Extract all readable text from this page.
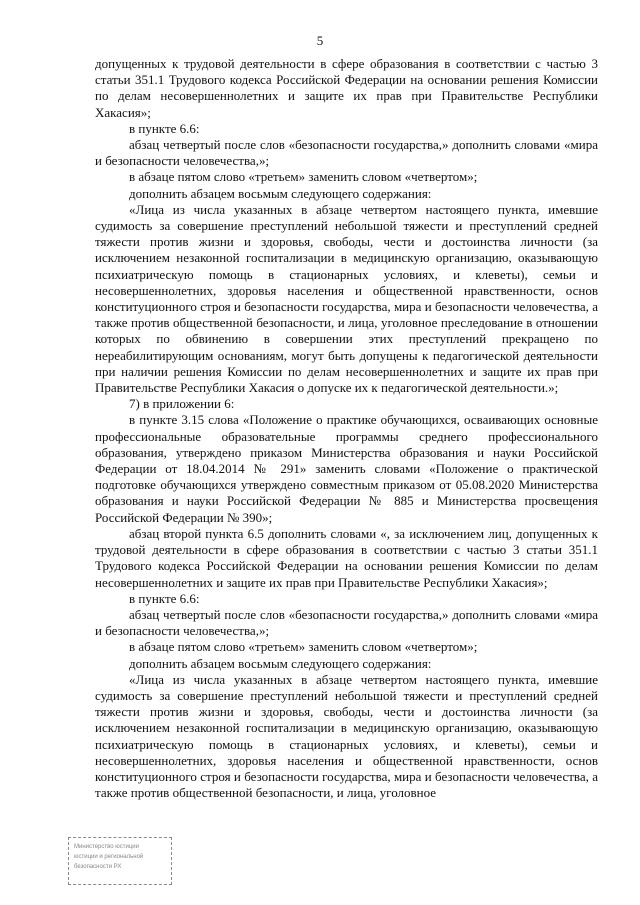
5

допущенных к трудовой деятельности в сфере образования в соответствии с частью 3 статьи 351.1 Трудового кодекса Российской Федерации на основании решения Комиссии по делам несовершеннолетних и защите их прав при Правительстве Республики Хакасия»;

в пункте 6.6:

абзац четвертый после слов «безопасности государства,» дополнить словами «мира и безопасности человечества,»;

в абзаце пятом слово «третьем» заменить словом «четвертом»;

дополнить абзацем восьмым следующего содержания:

«Лица из числа указанных в абзаце четвертом настоящего пункта, имевшие судимость за совершение преступлений небольшой тяжести и преступлений средней тяжести против жизни и здоровья, свободы, чести и достоинства личности (за исключением незаконной госпитализации в медицинскую организацию, оказывающую психиатрическую помощь в стационарных условиях, и клеветы), семьи и несовершеннолетних, здоровья населения и общественной нравственности, основ конституционного строя и безопасности государства, мира и безопасности человечества, а также против общественной безопасности, и лица, уголовное преследование в отношении которых по обвинению в совершении этих преступлений прекращено по нереабилитирующим основаниям, могут быть допущены к педагогической деятельности при наличии решения Комиссии по делам несовершеннолетних и защите их прав при Правительстве Республики Хакасия о допуске их к педагогической деятельности.»;

7) в приложении 6:

в пункте 3.15 слова «Положение о практике обучающихся, осваивающих основные профессиональные образовательные программы среднего профессионального образования, утверждено приказом Министерства образования и науки Российской Федерации от 18.04.2014 № 291» заменить словами «Положение о практической подготовке обучающихся утверждено совместным приказом от 05.08.2020 Министерства образования и науки Российской Федерации № 885 и Министерства просвещения Российской Федерации № 390»;

абзац второй пункта 6.5 дополнить словами «, за исключением лиц, допущенных к трудовой деятельности в сфере образования в соответствии с частью 3 статьи 351.1 Трудового кодекса Российской Федерации на основании решения Комиссии по делам несовершеннолетних и защите их прав при Правительстве Республики Хакасия»;

в пункте 6.6:

абзац четвертый после слов «безопасности государства,» дополнить словами «мира и безопасности человечества,»;

в абзаце пятом слово «третьем» заменить словом «четвертом»;

дополнить абзацем восьмым следующего содержания:

«Лица из числа указанных в абзаце четвертом настоящего пункта, имевшие судимость за совершение преступлений небольшой тяжести и преступлений средней тяжести против жизни и здоровья, свободы, чести и достоинства личности (за исключением незаконной госпитализации в медицинскую организацию, оказывающую психиатрическую помощь в стационарных условиях, и клеветы), семьи и несовершеннолетних, здоровья населения и общественной нравственности, основ конституционного строя и безопасности государства, мира и безопасности человечества, а также против общественной безопасности, и лица, уголовное

Министерство юстиции
юстиции и региональной
безопасности РХ
